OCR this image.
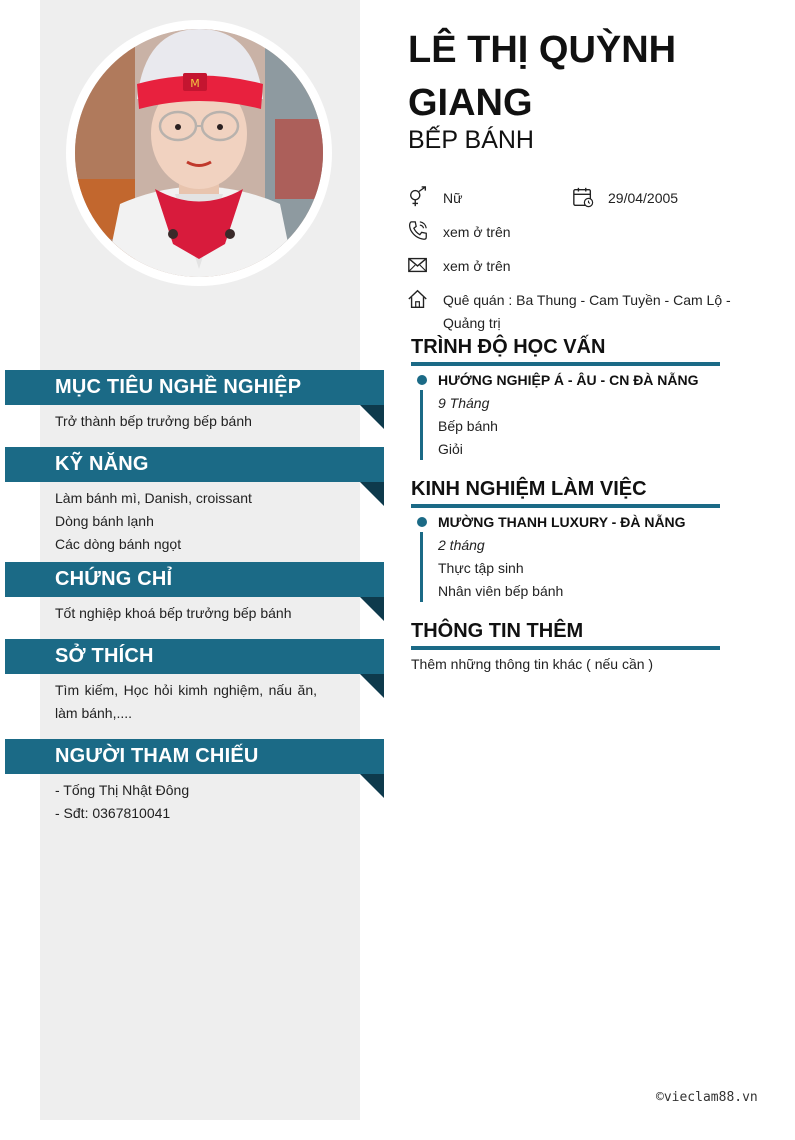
M
MỤC TIÊU NGHỀ NGHIỆP
Trở thành bếp trưởng bếp bánh
KỸ NĂNG
Làm bánh mì, Danish, croissant
Dòng bánh lạnh
Các dòng bánh ngọt
CHỨNG CHỈ
Tốt nghiệp khoá bếp trưởng bếp bánh
SỞ THÍCH
Tìm kiếm, Học hỏi kimh nghiệm, nấu ăn, làm bánh,....
NGƯỜI THAM CHIẾU
- Tống Thị Nhật Đông
- Sđt: 0367810041
LÊ THỊ QUỲNH GIANG
BẾP BÁNH
Nữ	29/04/2005
xem ở trên
xem ở trên
Quê quán : Ba Thung - Cam Tuyền - Cam Lộ - Quảng trị
TRÌNH ĐỘ HỌC VẤN
HƯỚNG NGHIỆP Á - ÂU - CN ĐÀ NẴNG
9 Tháng
Bếp bánh
Giỏi
KINH NGHIỆM LÀM VIỆC
MƯỜNG THANH LUXURY - ĐÀ NẴNG
2 tháng
Thực tập sinh
Nhân viên bếp bánh
THÔNG TIN THÊM
Thêm những thông tin khác ( nếu cần )
©vieclam88.vn
